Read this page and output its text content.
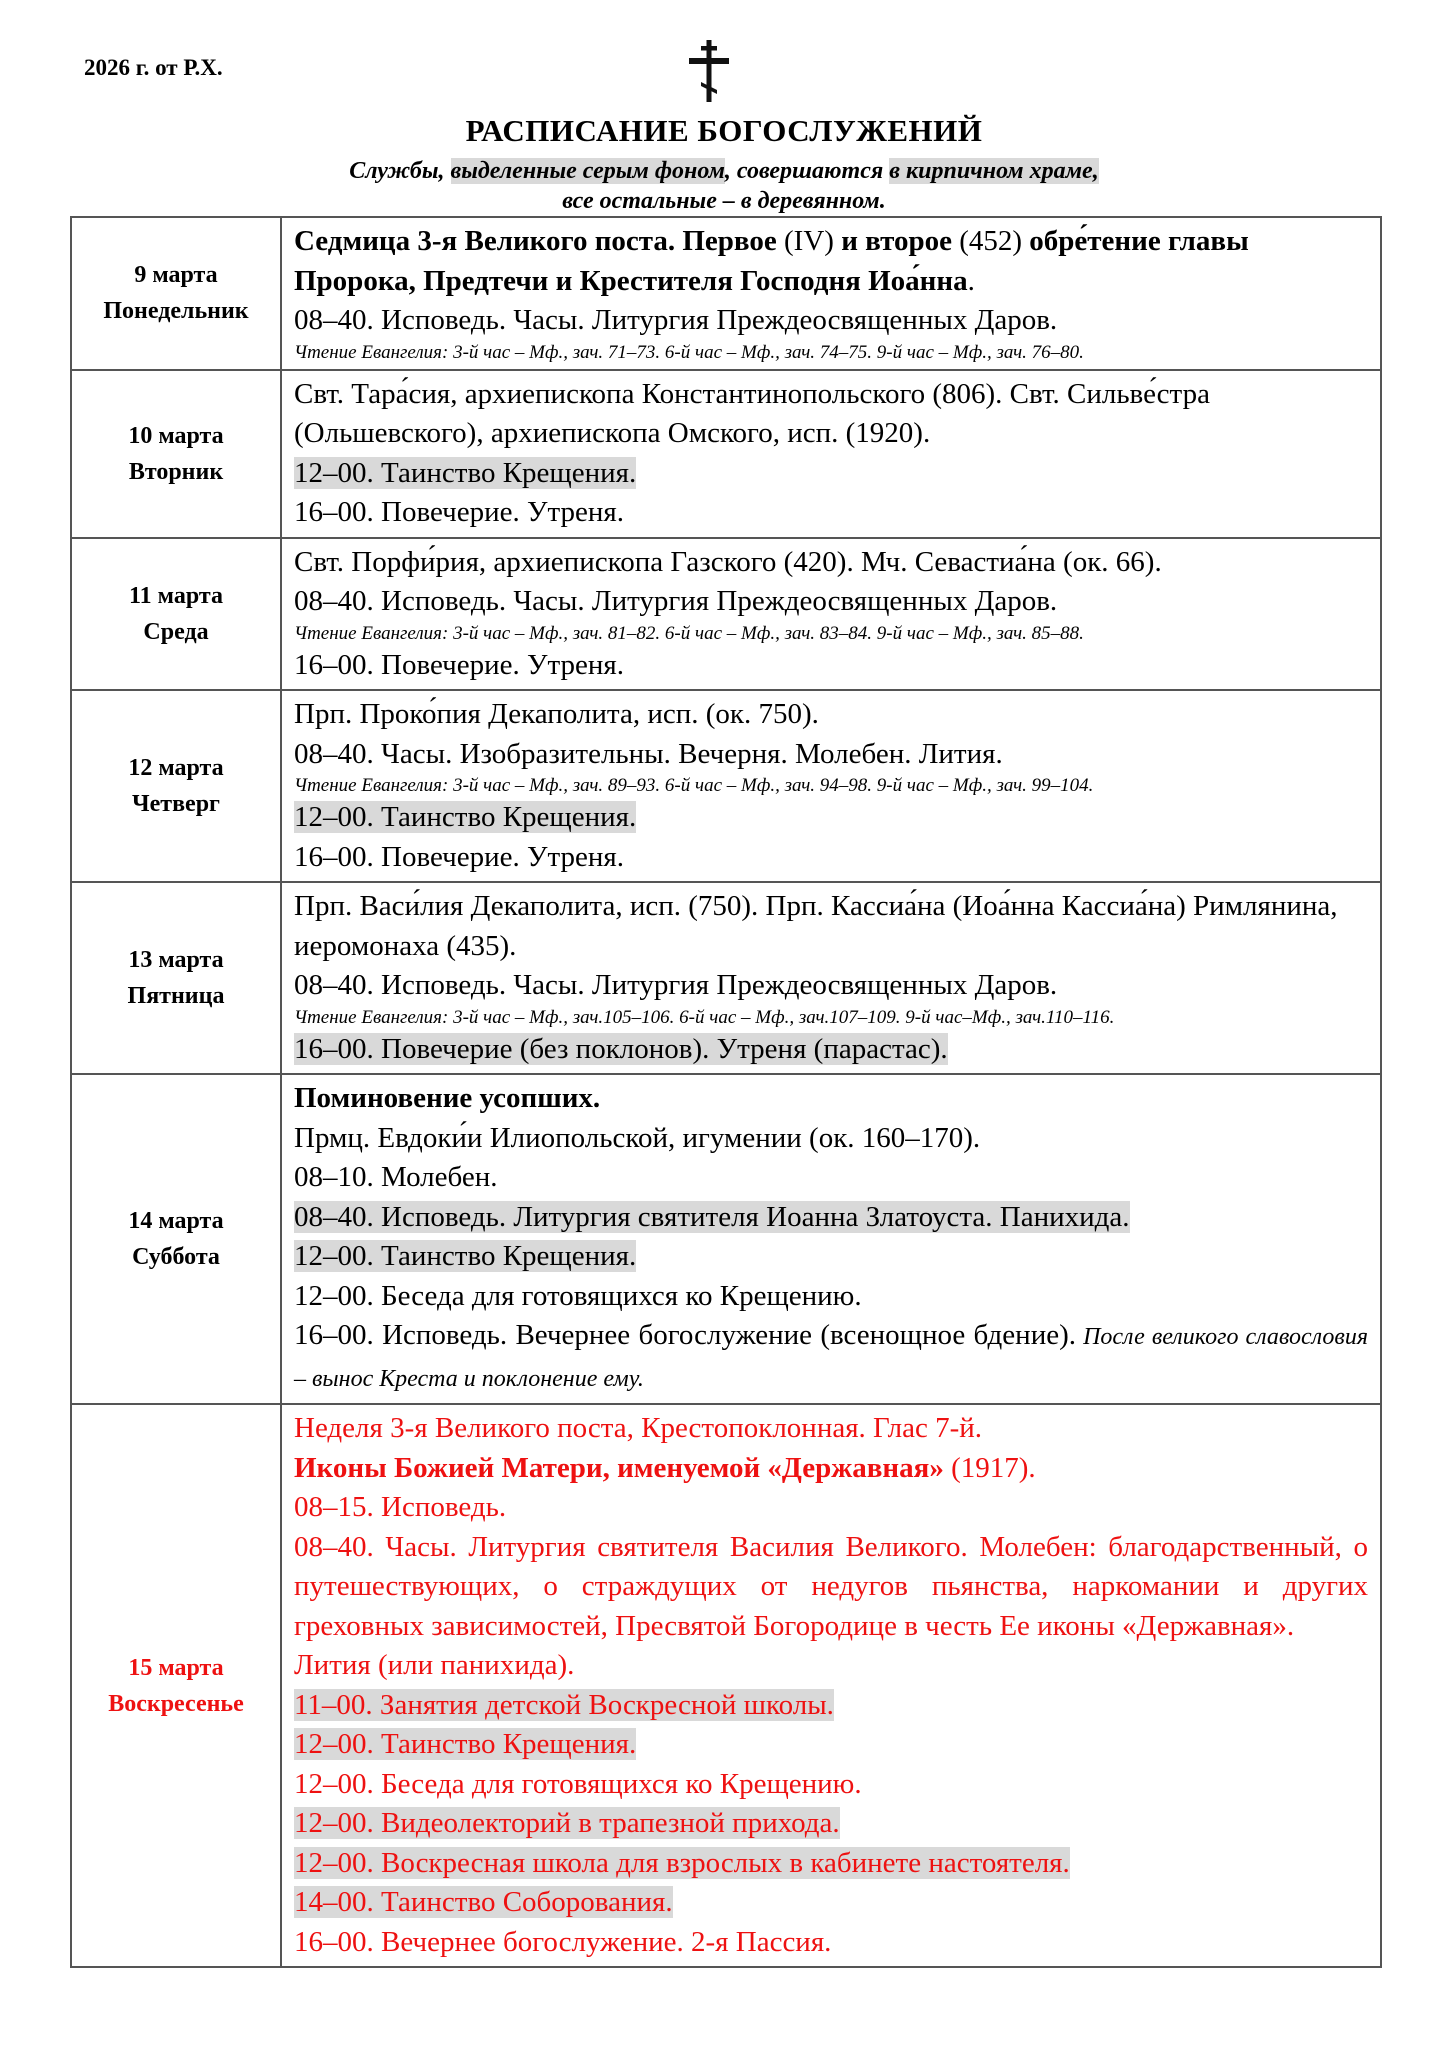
2026 г. от Р.Х.
РАСПИСАНИЕ БОГОСЛУЖЕНИЙ
Службы, выделенные серым фоном, совершаются в кирпичном храме,
все остальные – в деревянном.
9 марта
Понедельник

Седмица 3-я Великого поста. Первое (IV) и второе (452) обре́тение главы Пророка, Предтечи и Крестителя Господня Иоа́нна.
08–40. Исповедь. Часы. Литургия Преждеосвященных Даров.
Чтение Евангелия: 3-й час – Мф., зач. 71–73. 6-й час – Мф., зач. 74–75. 9-й час – Мф., зач. 76–80.

10 марта
Вторник

Свт. Тара́сия, архиепископа Константинопольского (806). Свт. Сильве́стра (Ольшевского), архиепископа Омского, исп. (1920).
12–00. Таинство Крещения.
16–00. Повечерие. Утреня.

11 марта
Среда

Свт. Порфи́рия, архиепископа Газского (420). Мч. Севастиа́на (ок. 66).
08–40. Исповедь. Часы. Литургия Преждеосвященных Даров.
Чтение Евангелия: 3-й час – Мф., зач. 81–82. 6-й час – Мф., зач. 83–84. 9-й час – Мф., зач. 85–88.
16–00. Повечерие. Утреня.

12 марта
Четверг

Прп. Проко́пия Декаполита, исп. (ок. 750).
08–40. Часы. Изобразительны. Вечерня. Молебен. Лития.
Чтение Евангелия: 3-й час – Мф., зач. 89–93. 6-й час – Мф., зач. 94–98. 9-й час – Мф., зач. 99–104.
12–00. Таинство Крещения.
16–00. Повечерие. Утреня.

13 марта
Пятница

Прп. Васи́лия Декаполита, исп. (750). Прп. Кассиа́на (Иоа́нна Кассиа́на) Римлянина, иеромонаха (435).
08–40. Исповедь. Часы. Литургия Преждеосвященных Даров.
Чтение Евангелия: 3-й час – Мф., зач.105–106. 6-й час – Мф., зач.107–109. 9-й час–Мф., зач.110–116.
16–00. Повечерие (без поклонов). Утреня (парастас).

14 марта
Суббота

Поминовение усопших.
Прмц. Евдоки́и Илиопольской, игумении (ок. 160–170).
08–10. Молебен.
08–40. Исповедь. Литургия святителя Иоанна Златоуста. Панихида.
12–00. Таинство Крещения.
12–00. Беседа для готовящихся ко Крещению.
16–00. Исповедь. Вечернее богослужение (всенощное бдение). После великого славословия – вынос Креста и поклонение ему.

15 марта
Воскресенье

Неделя 3-я Великого поста, Крестопоклонная. Глас 7-й.
Иконы Божией Матери, именуемой «Державная» (1917).
08–15. Исповедь.
08–40. Часы. Литургия святителя Василия Великого. Молебен: благодарственный, о путешествующих, о страждущих от недугов пьянства, наркомании и других греховных зависимостей, Пресвятой Богородице в честь Ее иконы «Державная».
Лития (или панихида).
11–00. Занятия детской Воскресной школы.
12–00. Таинство Крещения.
12–00. Беседа для готовящихся ко Крещению.
12–00. Видеолекторий в трапезной прихода.
12–00. Воскресная школа для взрослых в кабинете настоятеля.
14–00. Таинство Соборования.
16–00. Вечернее богослужение. 2-я Пассия.
